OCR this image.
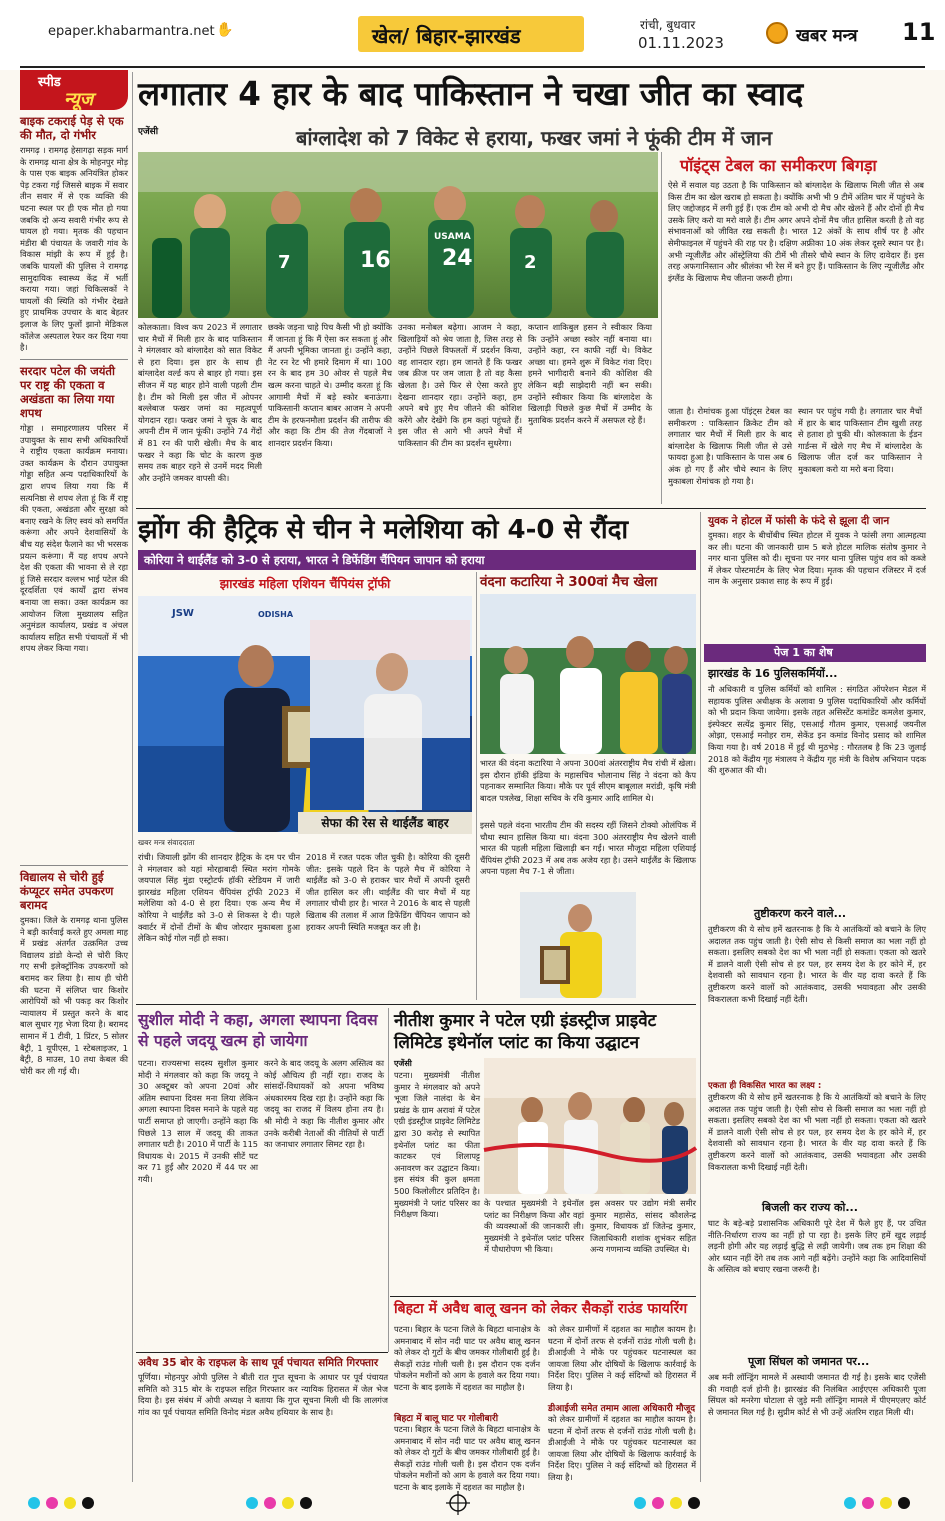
epaper.khabarmantra.net ✋	खेल/ बिहार-झारखंड	रांची, बुधवार
01.11.2023	खबर मन्त्र 11
स्पीड
न्यूज
बाइक टकराई पेड़ से एक की मौत, दो गंभीर
रामगढ़ । रामगढ़ हेसागढ़ा सड़क मार्ग के रामगढ़ थाना क्षेत्र के मोहनपुर मोड़ के पास एक बाइक अनियंत्रित होकर पेड़ टकरा गई जिससे बाइक में सवार तीन सवार में से एक व्यक्ति की घटना स्थल पर ही एक मौत हो गया जबकि दो अन्य सवारी गंभीर रूप से घायल हो गया। मृतक की पहचान मंडीरा बी पंचायत के जवारी गांव के विकास मांझी के रूप में हुई है। जबकि घायलों की पुलिस ने रामगढ़ सामुदायिक स्वास्थ्य केंद्र में भर्ती कराया गया। जहां चिकित्सकों ने घायलों की स्थिति को गंभीर देखते हुए प्राथमिक उपचार के बाद बेहतर इलाज के लिए फुलों झानो मेडिकल कॉलेज अस्पताल रेफर कर दिया गया है।
सरदार पटेल की जयंती पर राष्ट्र की एकता व अखंडता का लिया गया शपथ
गोड्डा । समाहरणालय परिसर में उपायुक्त के साथ सभी अधिकारियों ने राष्ट्रीय एकता कार्यक्रम मनाया। उक्त कार्यक्रम के दौरान उपायुक्त गोड्डा सहित अन्य पदाधिकारियों के द्वारा शपथ लिया गया कि मैं सत्यनिष्ठा से शपथ लेता हूं कि मैं राष्ट्र की एकता, अखंडता और सुरक्षा को बनाए रखने के लिए स्वयं को समर्पित करूंगा और अपने देशवासियों के बीच यह संदेश फैलाने का भी भरसक प्रयत्न करूंगा। मैं यह शपथ अपने देश की एकता की भावना से ले रहा हूं जिसे सरदार वल्लभ भाई पटेल की दूरदर्शिता एवं कार्यों द्वारा संभव बनाया जा सका। उक्त कार्यक्रम का आयोजन जिला मुख्यालय सहित अनुमंडल कार्यालय, प्रखंड व अंचल कार्यालय सहित सभी पंचायतों में भी शपथ लेकर किया गया।
विद्यालय से चोरी हुई कंप्यूटर समेत उपकरण बरामद
दुमका। जिले के रामगढ़ थाना पुलिस ने बड़ी कार्रवाई करते हुए अमला माह में प्रखंड अंतर्गत उत्क्रमित उच्च विद्यालय डांडो केन्दो से चोरी किए गए सभी इलेक्ट्रॉनिक उपकरणों को बरामद कर लिया है। साथ ही चोरी की घटना में संलिप्त चार किशोर आरोपियों को भी पकड़ कर किशोर न्यायालय में प्रस्तुत करने के बाद बाल सुधार गृह भेजा दिया है। बरामद सामान में 1 टीवी, 1 प्रिंटर, 5 सोलर बैट्री, 1 यूपीएस, 1 स्टेबलाइजर, 1 बैट्री, 8 माउस, 10 तथा केबल की चोरी कर ली गई थी।
लगातार 4 हार के बाद पाकिस्तान ने चखा जीत का स्वाद
एजेंसी	बांग्लादेश को 7 विकेट से हराया, फखर जमां ने फूंकी टीम में जान
16 24	2
7
USAMA
कोलकाता। विश्व कप 2023 में लगातार चार मैचों में मिली हार के बाद पाकिस्तान ने मंगलवार को बांग्लादेश को सात विकेट से हरा दिया। इस हार के साथ ही बांग्लादेश वर्ल्ड कप से बाहर हो गया। इस सीजन में यह बाहर होने वाली पहली टीम है। टीम को मिली इस जीत में ओपनर बल्लेबाज फखर जमां का महत्वपूर्ण योगदान रहा। फखर जमां ने चूक के बाद अपनी टीम में जान फूंकी। उन्होंने 74 गेंदों में 81 रन की पारी खेली। मैच के बाद फखर ने कहा कि चोट के कारण कुछ समय तक बाहर रहने से उनमें मदद मिली और उन्होंने जमकर वापसी की।
छक्के जड़ना चाहे पिच कैसी भी हो क्योंकि मैं जानता हूं कि मैं ऐसा कर सकता हूं और मैं अपनी भूमिका जानता हूं। उन्होंने कहा, नेट रन रेट भी हमारे दिमाग में था। 100 रन के बाद हम 30 ओवर से पहले मैच खत्म करना चाहते थे। उम्मीद करता हूं कि आगामी मैचों में बड़े स्कोर बनाऊंगा। पाकिस्तानी कप्तान बाबर आजम ने अपनी टीम के हरफनमौला प्रदर्शन की तारीफ की और कहा कि टीम की तेज गेंदबाजों ने शानदार प्रदर्शन किया।
उनका मनोबल बढ़ेगा। आजम ने कहा, खिलाड़ियों को श्रेय जाता है, जिस तरह से उन्होंने पिछले विफलतों में प्रदर्शन किया, वह शानदार रहा। हम जानते हैं कि फखर जब क्रीज पर जम जाता है तो वह कैसा खेलता है। उसे फिर से ऐसा करते हुए देखना शानदार रहा। उन्होंने कहा, हम अपने बचे हुए मैच जीतने की कोशिश करेंगे और देखेंगे कि हम कहां पहुंचते हैं। इस जीत से आगे भी अपने मैचों में पाकिस्तान की टीम का प्रदर्शन सुधरेगा।
कप्तान शाकिबुल हसन ने स्वीकार किया कि उन्होंने अच्छा स्कोर नहीं बनाया था। उन्होंने कहा, रन काफी नहीं थे। विकेट अच्छा था। हमने शुरू में विकेट गंवा दिए। हमने भागीदारी बनाने की कोशिश की लेकिन बड़ी साझेदारी नहीं बन सकी। उन्होंने स्वीकार किया कि बांग्लादेश के खिलाड़ी पिछले कुछ मैचों में उम्मीद के मुताबिक प्रदर्शन करने में असफल रहे हैं।
जाता है। रोमांचक हुआ पॉइंट्स टेबल का समीकरण : पाकिस्तान क्रिकेट टीम को लगातार चार मैचों में मिली हार के बाद बांग्लादेश के खिलाफ मिली जीत से उसे फायदा हुआ है। पाकिस्तान के पास अब 6 अंक हो गए हैं और चौथे स्थान के लिए मुकाबला रोमांचक हो गया है।
स्थान पर पहुंच गयी है। लगातार चार मैचों में हार के बाद पाकिस्तान टीम खुशी तरह से हताश हो चुकी थी। कोलकाता के ईडन गार्डन्स में खेले गए मैच में बांग्लादेश के खिलाफ जीत दर्ज कर पाकिस्तान ने मुकाबला करो या मरो बना दिया।
पॉइंट्स टेबल का समीकरण बिगड़ा
ऐसे में सवाल यह उठता है कि पाकिस्तान को बांग्लादेश के खिलाफ मिली जीत से अब किस टीम का खेल खराब हो सकता है। क्योंकि अभी भी 9 टीमें अंतिम चार में पहुंचने के लिए जद्दोजहद में लगी हुई हैं। एक टीम को अभी दो मैच और खेलने हैं और दोनों ही मैच उसके लिए करो या मरो वाले हैं। टीम अगर अपने दोनों मैच जीत हासिल करती है तो वह संभावनाओं को जीवित रख सकती है। भारत 12 अंकों के साथ शीर्ष पर है और सेमीफाइनल में पहुंचने की राह पर है। दक्षिण अफ्रीका 10 अंक लेकर दूसरे स्थान पर है। अभी न्यूजीलैंड और ऑस्ट्रेलिया की टीमें भी तीसरे चौथे स्थान के लिए दावेदार हैं। इस तरह अफगानिस्तान और श्रीलंका भी रेस में बने हुए हैं। पाकिस्तान के लिए न्यूजीलैंड और इंग्लैंड के खिलाफ मैच जीतना जरूरी होगा।
झोंग की हैट्रिक से चीन ने मलेशिया को 4-0 से रौंदा
कोरिया ने थाईलैंड को 3-0 से हराया, भारत ने डिफेंडिंग चैंपियन जापान को हराया
झारखंड महिला एशियन चैंपियंस ट्रॉफी
JSW	ODISHA
सेफा की रेस से थाईलैंड बाहर
खबर मन्त्र संवाददाता
रांची। जियाली झोंग की शानदार हैट्रिक के दम पर चीन ने मंगलवार को यहां मोरहाबादी स्थित मरांग गोमके जयपाल सिंह मुंडा एस्ट्रोटर्फ हॉकी स्टेडियम में जारी झारखंड महिला एशियन चैंपियंस ट्रॉफी 2023 में मलेशिया को 4-0 से हरा दिया। एक अन्य मैच में कोरिया ने थाईलैंड को 3-0 से शिकस्त दे दी। पहले क्वार्टर में दोनों टीमों के बीच जोरदार मुकाबला हुआ लेकिन कोई गोल नहीं हो सका।
2018 में रजत पदक जीत चुकी है। कोरिया की दूसरी जीत: इसके पहले दिन के पहले मैच में कोरिया ने थाईलैंड को 3-0 से हराकर चार मैचों में अपनी दूसरी जीत हासिल कर ली। थाईलैंड की चार मैचों में यह लगातार चौथी हार है। भारत ने 2016 के बाद से पहली खिताब की तलाश में आज डिफेंडिंग चैंपियन जापान को हराकर अपनी स्थिति मजबूत कर ली है।
वंदना कटारिया ने 300वां मैच खेला
भारत की वंदना कटारिया ने अपना 300वां अंतरराष्ट्रीय मैच रांची में खेला। इस दौरान हॉकी इंडिया के महासचिव भोलानाथ सिंह ने वंदना को कैप पहनाकर सम्मानित किया। मौके पर पूर्व सीएम बाबूलाल मरांडी, कृषि मंत्री बादल पत्रलेख, शिक्षा सचिव के रवि कुमार आदि शामिल थे।
इससे पहले वंदना भारतीय टीम की सदस्य रहीं जिसने टोक्यो ओलंपिक में चौथा स्थान हासिल किया था। वंदना 300 अंतरराष्ट्रीय मैच खेलने वाली भारत की पहली महिला खिलाड़ी बन गईं। भारत मौजूदा महिला एशियाई चैंपियंस ट्रॉफी 2023 में अब तक अजेय रहा है। उसने थाईलैंड के खिलाफ अपना पहला मैच 7-1 से जीता।
सुशील मोदी ने कहा, अगला स्थापना दिवस से पहले जदयू खत्म हो जायेगा
पटना। राज्यसभा सदस्य सुशील कुमार मोदी ने मंगलवार को कहा कि जदयू ने 30 अक्टूबर को अपना 20वां और अंतिम स्थापना दिवस मना लिया लेकिन अगला स्थापना दिवस मनाने के पहले यह पार्टी समाप्त हो जाएगी। उन्होंने कहा कि पिछले 13 साल में जदयू की ताकत लगातार घटी है। 2010 में पार्टी के 115 विधायक थे। 2015 में उनकी सीटें घट कर 71 हुईं और 2020 में 44 पर आ गयी।
करने के बाद जदयू के अलग अस्तित्व का कोई औचित्य ही नहीं रहा। राजद के सांसदों-विधायकों को अपना भविष्य अंधकारमय दिख रहा है। उन्होंने कहा कि जदयू का राजद में विलय होना तय है। श्री मोदी ने कहा कि नीतीश कुमार और उनके करीबी नेताओं की नीतियों से पार्टी का जनाधार लगातार सिमट रहा है।
नीतीश कुमार ने पटेल एग्री इंडस्ट्रीज प्राइवेट लिमिटेड इथेनॉल प्लांट का किया उद्घाटन
एजेंसी
पटना। मुख्यमंत्री नीतीश कुमार ने मंगलवार को अपने भूजा जिले नालंदा के बेन प्रखंड के ग्राम अरावां में पटेल एग्री इंडस्ट्रीज प्राइवेट लिमिटेड द्वारा 30 करोड़ से स्थापित इथेनॉल प्लांट का फीता काटकर एवं शिलापट्ट अनावरण कर उद्घाटन किया। इस संयंत्र की कुल क्षमता 500 किलोलीटर प्रतिदिन है। मुख्यमंत्री ने प्लांट परिसर का निरीक्षण किया।
के पश्चात मुख्यमंत्री ने इथेनॉल प्लांट का निरीक्षण किया और वहां की व्यवस्थाओं की जानकारी ली। मुख्यमंत्री ने इथेनॉल प्लांट परिसर में पौधारोपण भी किया।
इस अवसर पर उद्योग मंत्री समीर कुमार महासेठ, सांसद कौशलेन्द्र कुमार, विधायक डॉ जितेन्द्र कुमार, जिलाधिकारी शशांक शुभंकर सहित अन्य गणमान्य व्यक्ति उपस्थित थे।
बिहटा में अवैध बालू खनन को लेकर सैकड़ों राउंड फायरिंग
पटना। बिहार के पटना जिले के बिहटा थानाक्षेत्र के अमनाबाद में सोन नदी घाट पर अवैध बालू खनन को लेकर दो गुटों के बीच जमकर गोलीबारी हुई है। सैकड़ों राउंड गोली चली है। इस दौरान एक दर्जन पोकलेन मशीनों को आग के हवाले कर दिया गया। घटना के बाद इलाके में दहशत का माहौल है।
बिहटा में बालू घाट पर गोलीबारी
को लेकर ग्रामीणों में दहशत का माहौल कायम है। घटना में दोनों तरफ से दर्जनों राउंड गोली चली है। डीआईजी ने मौके पर पहुंचकर घटनास्थल का जायजा लिया और दोषियों के खिलाफ कार्रवाई के निर्देश दिए। पुलिस ने कई संदिग्धों को हिरासत में लिया है।
डीआईजी समेत तमाम आला अधिकारी मौजूद
पटना। बिहार के पटना जिले के बिहटा थानाक्षेत्र के अमनाबाद में सोन नदी घाट पर अवैध बालू खनन को लेकर दो गुटों के बीच जमकर गोलीबारी हुई है। सैकड़ों राउंड गोली चली है। इस दौरान एक दर्जन पोकलेन मशीनों को आग के हवाले कर दिया गया। घटना के बाद इलाके में दहशत का माहौल है।
को लेकर ग्रामीणों में दहशत का माहौल कायम है। घटना में दोनों तरफ से दर्जनों राउंड गोली चली है। डीआईजी ने मौके पर पहुंचकर घटनास्थल का जायजा लिया और दोषियों के खिलाफ कार्रवाई के निर्देश दिए। पुलिस ने कई संदिग्धों को हिरासत में लिया है।
अवैध 35 बोर के राइफल के साथ पूर्व पंचायत समिति गिरफ्तार
पूर्णिया। मोहनपुर ओपी पुलिस ने बीती रात गुप्त सूचना के आधार पर पूर्व पंचायत समिति को 315 बोर के राइफल सहित गिरफ्तार कर न्यायिक हिरासत में जेल भेज दिया है। इस संबंध में ओपी अध्यक्ष ने बताया कि गुप्त सूचना मिली थी कि लालगंज गांव का पूर्व पंचायत समिति विनोद मंडल अवैध हथियार के साथ है।
युवक ने होटल में फांसी के फंदे से झूला दी जान
दुमका। शहर के बीचोंबीच स्थित होटल में युवक ने फांसी लगा आत्महत्या कर ली। घटना की जानकारी ग्राम 5 बजे होटल मालिक संतोष कुमार ने नगर थाना पुलिस को दी। सूचना पर नगर थाना पुलिस पहुंच शव को कब्जे में लेकर पोस्टमार्टम के लिए भेज दिया। मृतक की पहचान रजिस्टर में दर्ज नाम के अनुसार प्रकाश साह के रूप में हुई।
पेज 1 का शेष
झारखंड के 16 पुलिसकर्मियों...
नौ अधिकारी व पुलिस कर्मियों को शामिल : संगठित ऑपरेशन मेडल में सहायक पुलिस अधीक्षक के अलावा 9 पुलिस पदाधिकारियों और कर्मियों को भी प्रदान किया जायेगा। इसके तहत असिस्टेंट कमांडेंट कमलेश कुमार, इंस्पेक्टर सत्येंद्र कुमार सिंह, एसआई गौतम कुमार, एसआई जयनील ओझा, एसआई मनोहर राम, सेकेंड इन कमांड विनोद प्रसाद को शामिल किया गया है। वर्ष 2018 में हुई थी मुठभेड़ : गौरतलब है कि 23 जुलाई 2018 को केंद्रीय गृह मंत्रालय ने केंद्रीय गृह मंत्री के विशेष अभियान पदक की शुरुआत की थी।
तुष्टीकरण करने वाले...
तुष्टीकरण की ये सोच हमें खतरनाक है कि ये आतंकियों को बचाने के लिए अदालत तक पहुंच जाती है। ऐसी सोच से किसी समाज का भला नहीं हो सकता। इसलिए सबको देश का भी भला नहीं हो सकता। एकता को खतरे में डालने वाली ऐसी सोच से हर पल, हर समय देश के हर कोने में, हर देशवासी को सावधान रहना है। भारत के वीर यह दावा करते हैं कि तुष्टीकरण करने वालों को आतंकवाद, उसकी भयावहता और उसकी विकरालता कभी दिखाई नहीं देती।
एकता ही विकसित भारत का लक्ष्य :
तुष्टीकरण की ये सोच हमें खतरनाक है कि ये आतंकियों को बचाने के लिए अदालत तक पहुंच जाती है। ऐसी सोच से किसी समाज का भला नहीं हो सकता। इसलिए सबको देश का भी भला नहीं हो सकता। एकता को खतरे में डालने वाली ऐसी सोच से हर पल, हर समय देश के हर कोने में, हर देशवासी को सावधान रहना है। भारत के वीर यह दावा करते हैं कि तुष्टीकरण करने वालों को आतंकवाद, उसकी भयावहता और उसकी विकरालता कभी दिखाई नहीं देती।
बिजली कर राज्य को...
घाट के बड़े-बड़े प्रशासनिक अधिकारी पूरे देश में फैले हुए हैं, पर उचित नीति-निर्धारण राज्य का नहीं हो पा रहा है। इसके लिए हमें खुद लड़ाई लड़नी होगी और यह लड़ाई बुद्धि से लड़ी जायेगी। जब तक हम शिक्षा की ओर ध्यान नहीं देंगे तब तक आगे नहीं बढ़ेंगे। उन्होंने कहा कि आदिवासियों के अस्तित्व को बचाए रखना जरूरी है।
पूजा सिंघल को जमानत पर...
अब मनी लॉन्ड्रिंग मामले में अस्थायी जमानत दी गई है। इसके बाद एजेंसी की गवाही दर्ज होनी है। झारखंड की निलंबित आईएएस अधिकारी पूजा सिंघल को मनरेगा घोटाला से जुड़े मनी लॉन्ड्रिंग मामले में पीएमएलए कोर्ट से जमानत मिल गई है। सुप्रीम कोर्ट से भी उन्हें अंतरिम राहत मिली थी।
